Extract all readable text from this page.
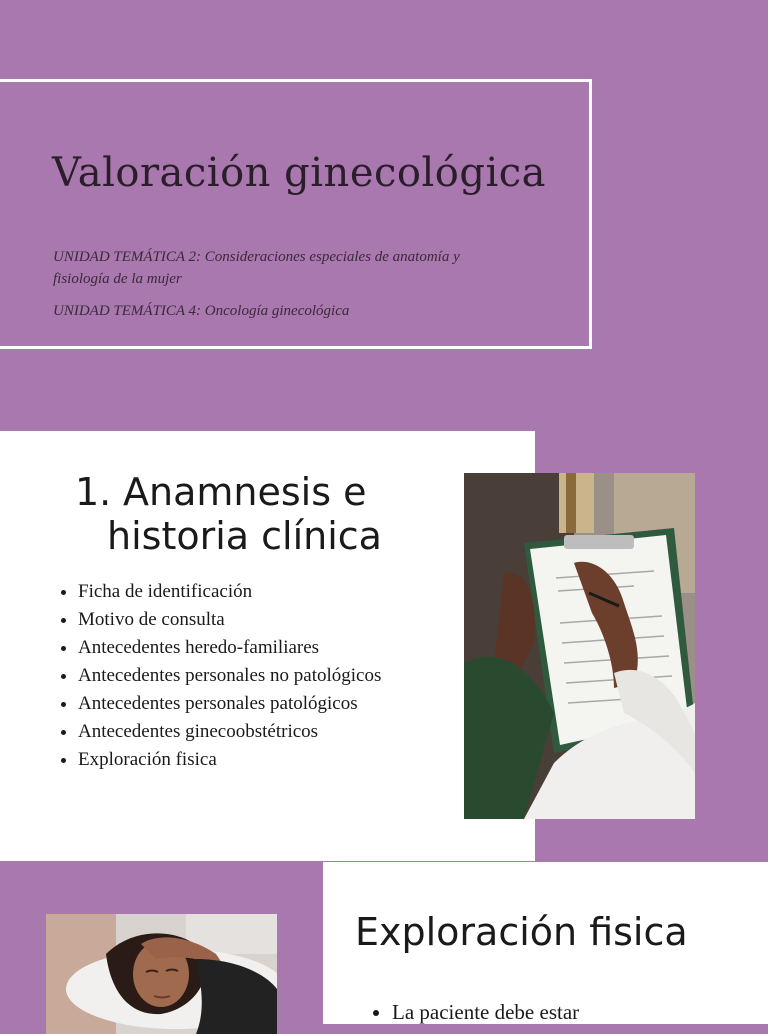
Valoración ginecológica

UNIDAD TEMÁTICA 2: Consideraciones especiales de anatomía y fisiología de la mujer

UNIDAD TEMÁTICA 4: Oncología ginecológica

1. Anamnesis e
historia clínica
• Ficha de identificación
• Motivo de consulta
• Antecedentes heredo-familiares
• Antecedentes personales no patológicos
• Antecedentes personales patológicos
• Antecedentes ginecoobstétricos
• Exploración fisica
Exploración fisica
• La paciente debe estar
